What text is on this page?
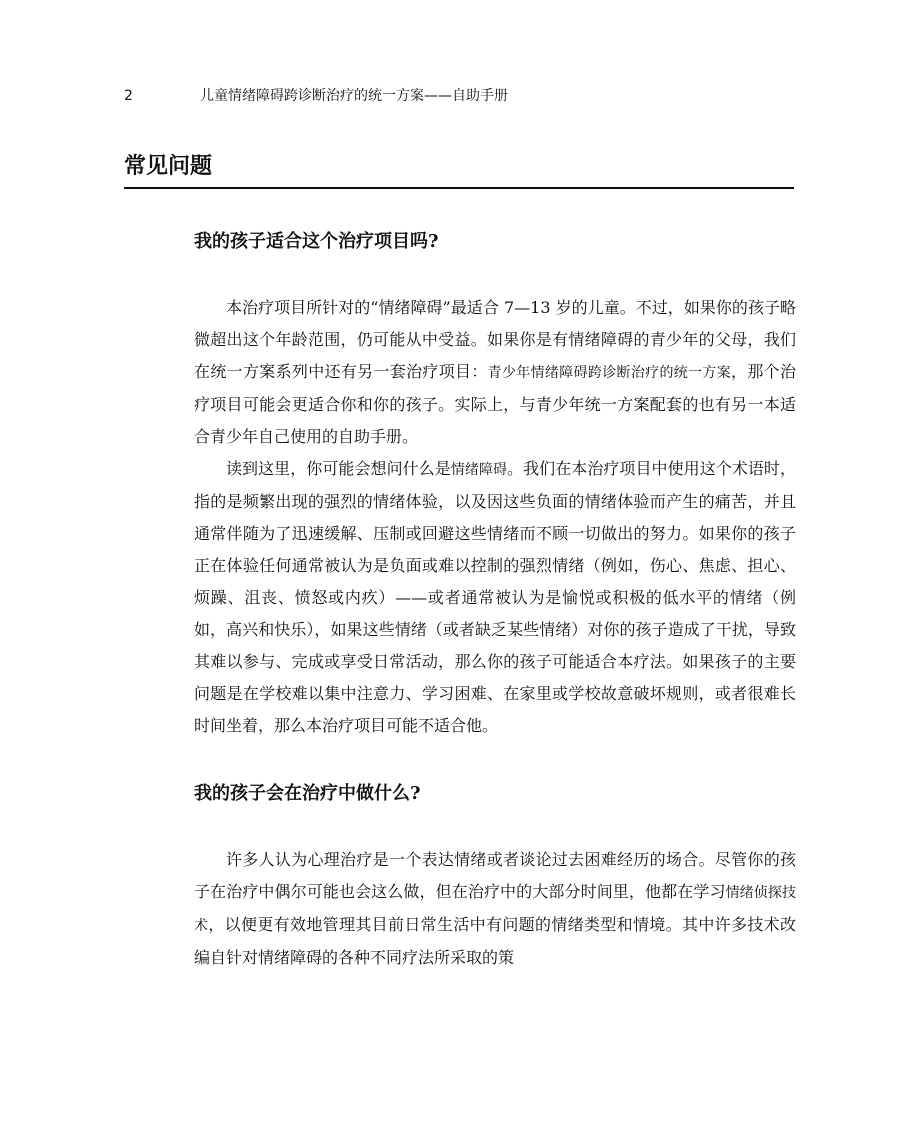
2	儿童情绪障碍跨诊断治疗的统一方案——自助手册
常见问题
我的孩子适合这个治疗项目吗?

本治疗项目所针对的“情绪障碍”最适合 7—13 岁的儿童。不过，如果你的孩子略微超出这个年龄范围，仍可能从中受益。如果你是有情绪障碍的青少年的父母，我们在统一方案系列中还有另一套治疗项目：青少年情绪障碍跨诊断治疗的统一方案，那个治疗项目可能会更适合你和你的孩子。实际上，与青少年统一方案配套的也有另一本适合青少年自己使用的自助手册。

读到这里，你可能会想问什么是情绪障碍。我们在本治疗项目中使用这个术语时，指的是频繁出现的强烈的情绪体验，以及因这些负面的情绪体验而产生的痛苦，并且通常伴随为了迅速缓解、压制或回避这些情绪而不顾一切做出的努力。如果你的孩子正在体验任何通常被认为是负面或难以控制的强烈情绪（例如，伤心、焦虑、担心、烦躁、沮丧、愤怒或内疚）——或者通常被认为是愉悦或积极的低水平的情绪（例如，高兴和快乐），如果这些情绪（或者缺乏某些情绪）对你的孩子造成了干扰，导致其难以参与、完成或享受日常活动，那么你的孩子可能适合本疗法。如果孩子的主要问题是在学校难以集中注意力、学习困难、在家里或学校故意破坏规则，或者很难长时间坐着，那么本治疗项目可能不适合他。

我的孩子会在治疗中做什么?

许多人认为心理治疗是一个表达情绪或者谈论过去困难经历的场合。尽管你的孩子在治疗中偶尔可能也会这么做，但在治疗中的大部分时间里，他都在学习情绪侦探技术，以便更有效地管理其目前日常生活中有问题的情绪类型和情境。其中许多技术改编自针对情绪障碍的各种不同疗法所采取的策
